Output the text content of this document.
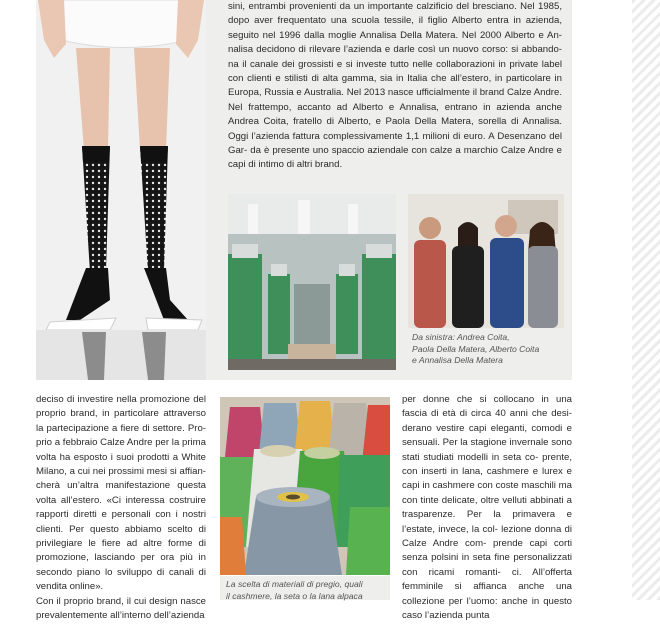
sini, entrambi provenienti da un importante calzificio del bresciano. Nel 1985, dopo aver frequentato una scuola tessile, il figlio Alberto entra in azienda, seguito nel 1996 dalla moglie Annalisa Della Matera. Nel 2000 Alberto e An- nalisa decidono di rilevare l’azienda e darle così un nuovo corso: si abbando- na il canale dei grossisti e si investe tutto nelle collaborazioni in private label con clienti e stilisti di alta gamma, sia in Italia che all’estero, in particolare in Europa, Russia e Australia. Nel 2013 nasce ufficialmente il brand Calze Andre. Nel frattempo, accanto ad Alberto e Annalisa, entrano in azienda anche Andrea Coita, fratello di Alberto, e Paola Della Matera, sorella di Annalisa. Oggi l’azienda fattura complessivamente 1,1 milioni di euro. A Desenzano del Gar- da è presente uno spaccio aziendale con calze a marchio Calze Andre e capi di intimo di altri brand.

Da sinistra: Andrea Coita,
Paola Della Matera, Alberto Coita
e Annalisa Della Matera

deciso di investire nella promozione del proprio brand, in particolare attraverso la partecipazione a fiere di settore. Pro- prio a febbraio Calze Andre per la prima volta ha esposto i suoi prodotti a White Milano, a cui nei prossimi mesi si affian- cherà un’altra manifestazione questa volta all’estero. «Ci interessa costruire rapporti diretti e personali con i nostri clienti. Per questo abbiamo scelto di privilegiare le fiere ad altre forme di promozione, lasciando per ora più in secondo piano lo sviluppo di canali di vendita online».
Con il proprio brand, il cui design nasce prevalentemente all’interno dell’azienda

La scelta di materiali di pregio, quali
il cashmere, la seta o la lana alpaca

per donne che si collocano in una fascia di età di circa 40 anni che desi- derano vestire capi eleganti, comodi e sensuali. Per la stagione invernale sono stati studiati modelli in seta co- prente, con inserti in lana, cashmere e lurex e capi in cashmere con coste maschili ma con tinte delicate, oltre velluti abbinati a trasparenze. Per la primavera e l’estate, invece, la col- lezione donna di Calze Andre com- prende capi corti senza polsini in seta fine personalizzati con ricami romanti- ci. All’offerta femminile si affianca anche una collezione per l’uomo: anche in questo caso l’azienda punta
